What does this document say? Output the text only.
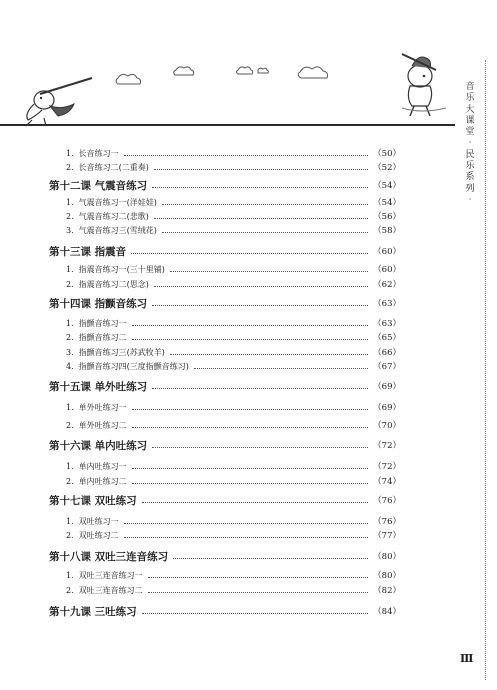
音
乐
大
课
堂
·
民
乐
系
列
·
1. 长音练习一	（50）
2. 长音练习二(二重奏)	（52）
第十二课 气震音练习	（54）
1. 气震音练习一(洋娃娃)	（54）
2. 气震音练习二(悲歌)	（56）
3. 气震音练习三(雪绒花)	（58）
第十三课 指震音	（60）
1. 指震音练习一(三十里铺)	（60）
2. 指震音练习二(思念)	（62）
第十四课 指颤音练习	（63）
1. 指颤音练习一	（63）
2. 指颤音练习二	（65）
3. 指颤音练习三(苏武牧羊)	（66）
4. 指颤音练习四(三度指颤音练习)	（67）
第十五课 单外吐练习	（69）
1. 单外吐练习一	（69）
2. 单外吐练习二	（70）
第十六课 单内吐练习	（72）
1. 单内吐练习一	（72）
2. 单内吐练习二	（74）
第十七课 双吐练习	（76）
1. 双吐练习一	（76）
2. 双吐练习二	（77）
第十八课 双吐三连音练习	（80）
1. 双吐三连音练习一	（80）
2. 双吐三连音练习二	（82）
第十九课 三吐练习	（84）
Ⅲ
